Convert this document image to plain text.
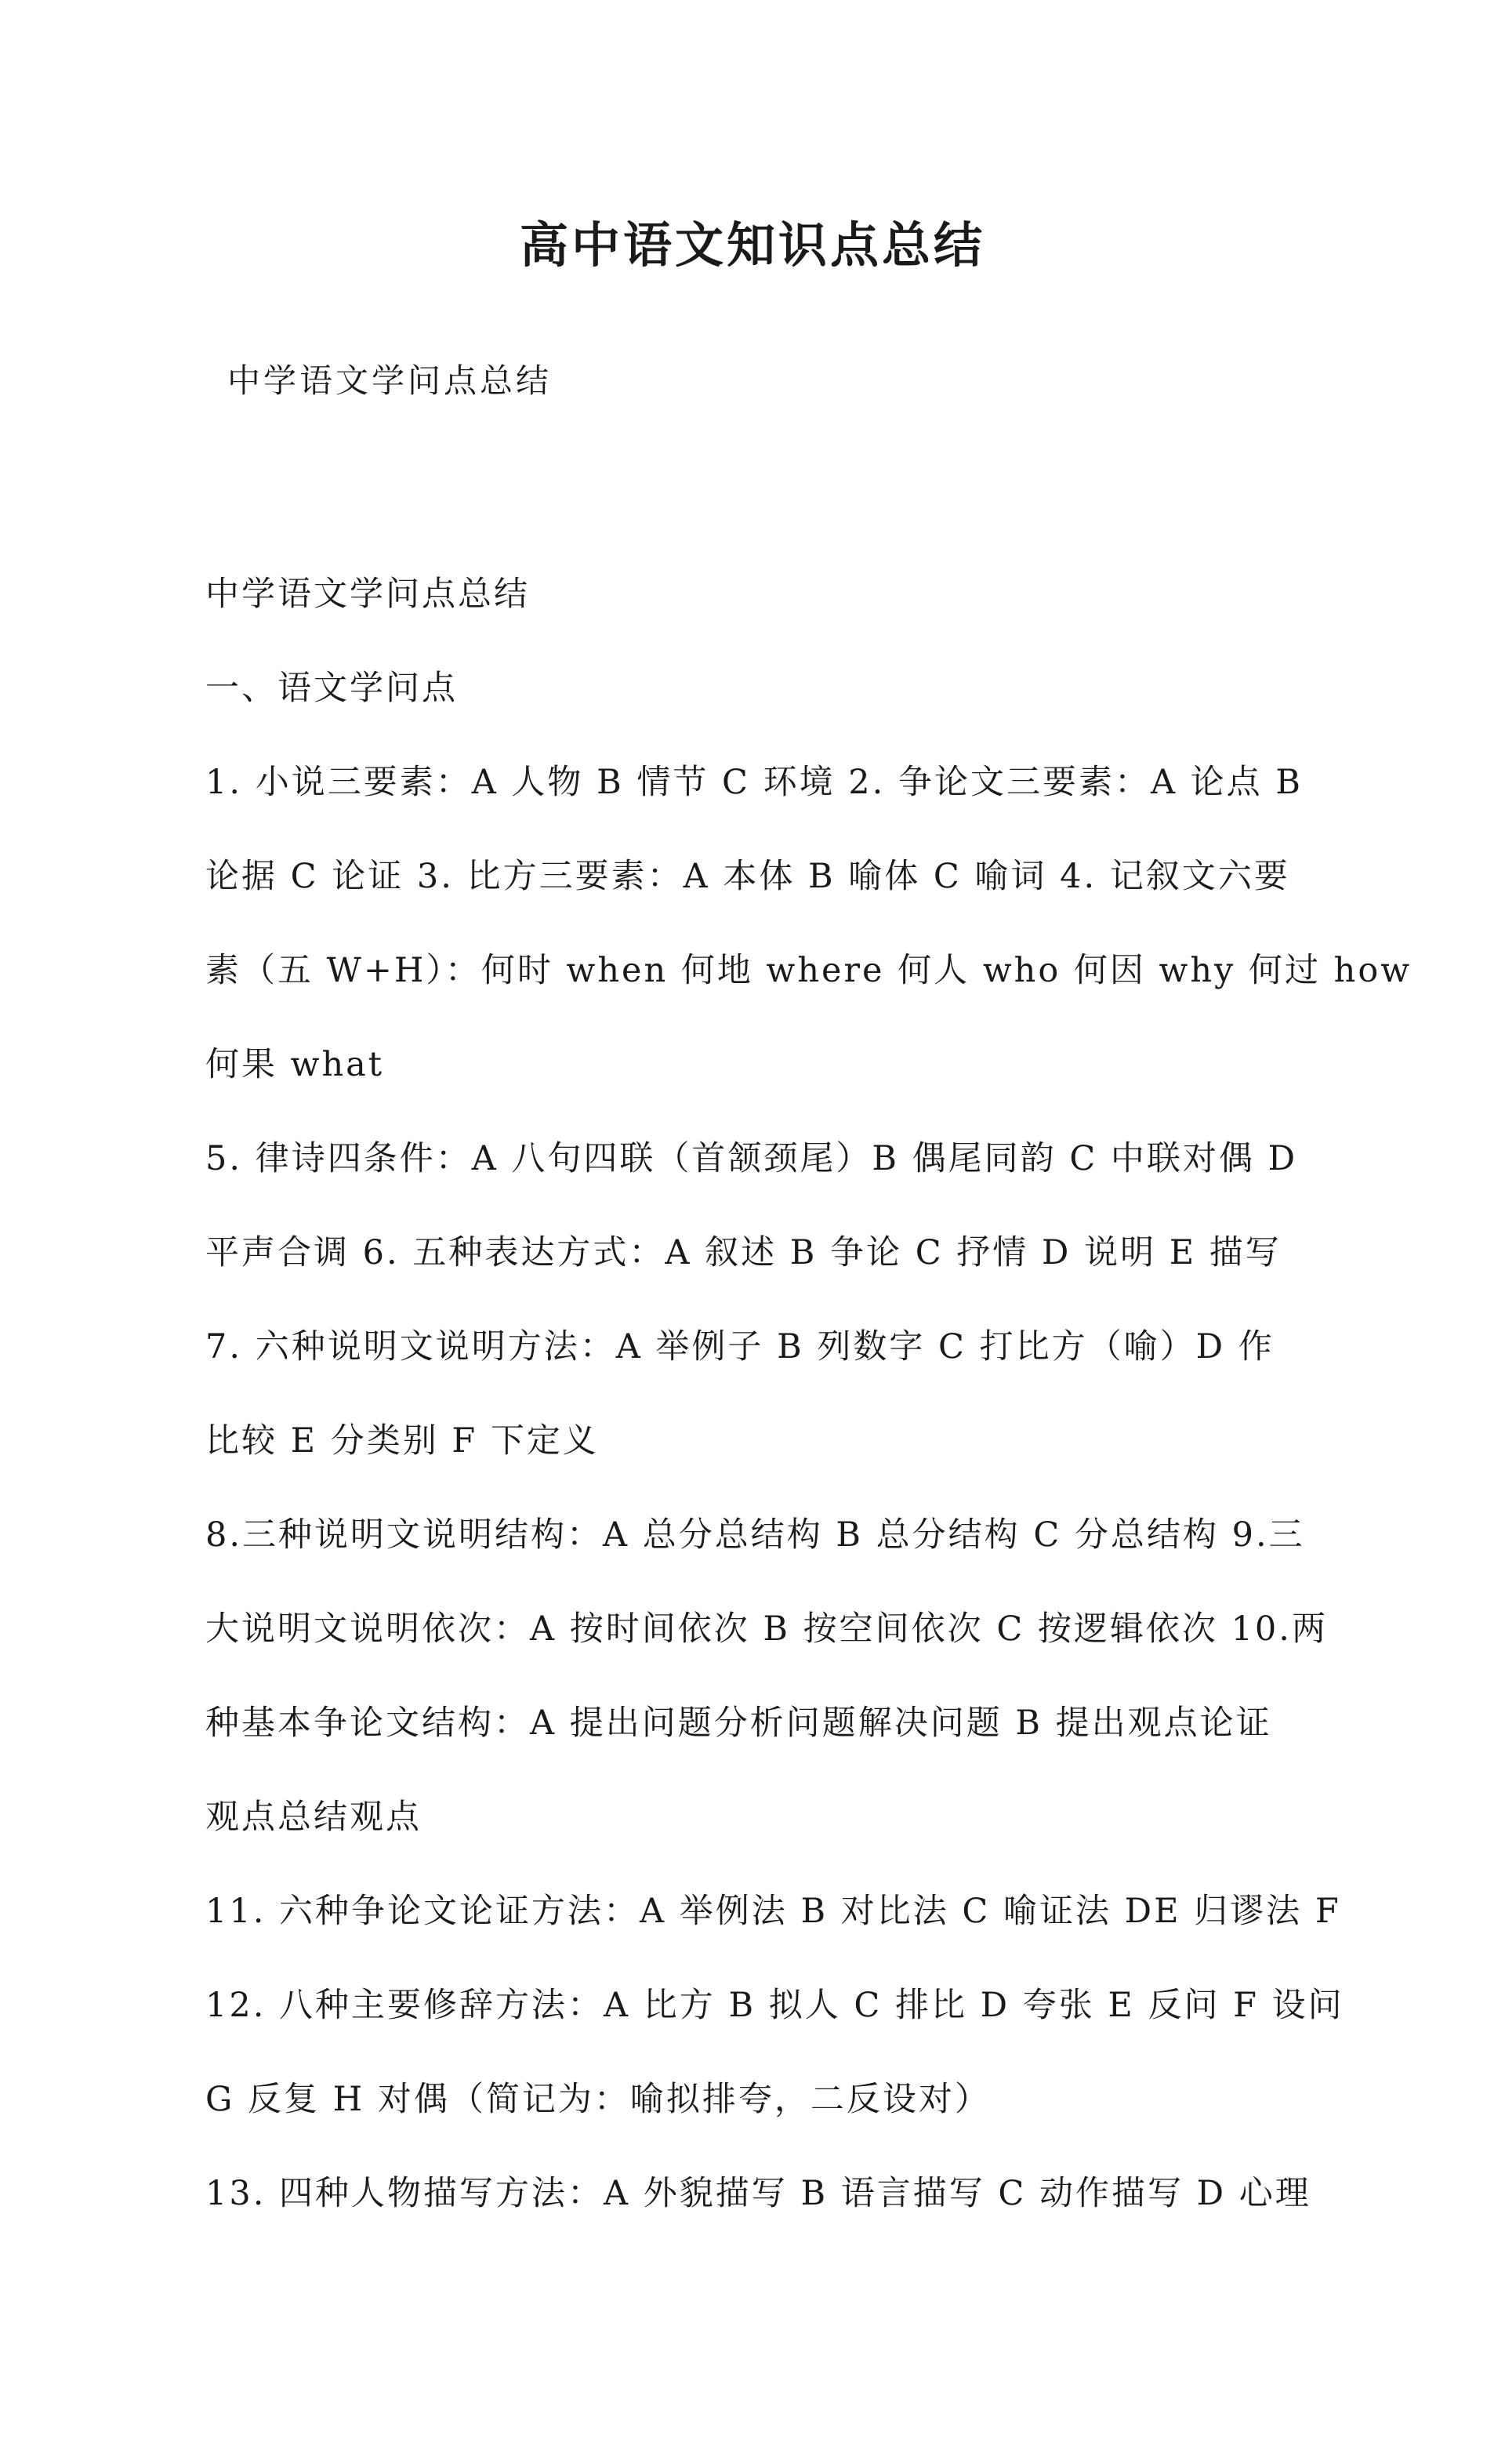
高中语文知识点总结

中学语文学问点总结

中学语文学问点总结

一、语文学问点

1. 小说三要素：A 人物 B 情节 C 环境 2. 争论文三要素：A 论点 B

论据 C 论证 3. 比方三要素：A 本体 B 喻体 C 喻词 4. 记叙文六要

素（五 W+H）：何时 when 何地 where 何人 who 何因 why 何过 how

何果 what

5. 律诗四条件：A 八句四联（首颔颈尾）B 偶尾同韵 C 中联对偶 D

平声合调 6. 五种表达方式：A 叙述 B 争论 C 抒情 D 说明 E 描写

7. 六种说明文说明方法：A 举例子 B 列数字 C 打比方（喻）D 作

比较 E 分类别 F 下定义

8.三种说明文说明结构：A 总分总结构 B 总分结构 C 分总结构 9.三

大说明文说明依次：A 按时间依次 B 按空间依次 C 按逻辑依次 10.两

种基本争论文结构：A 提出问题分析问题解决问题 B 提出观点论证

观点总结观点

11. 六种争论文论证方法：A 举例法 B 对比法 C 喻证法 DE 归谬法 F

12. 八种主要修辞方法：A 比方 B 拟人 C 排比 D 夸张 E 反问 F 设问

G 反复 H 对偶（简记为：喻拟排夸，二反设对）

13. 四种人物描写方法：A 外貌描写 B 语言描写 C 动作描写 D 心理
